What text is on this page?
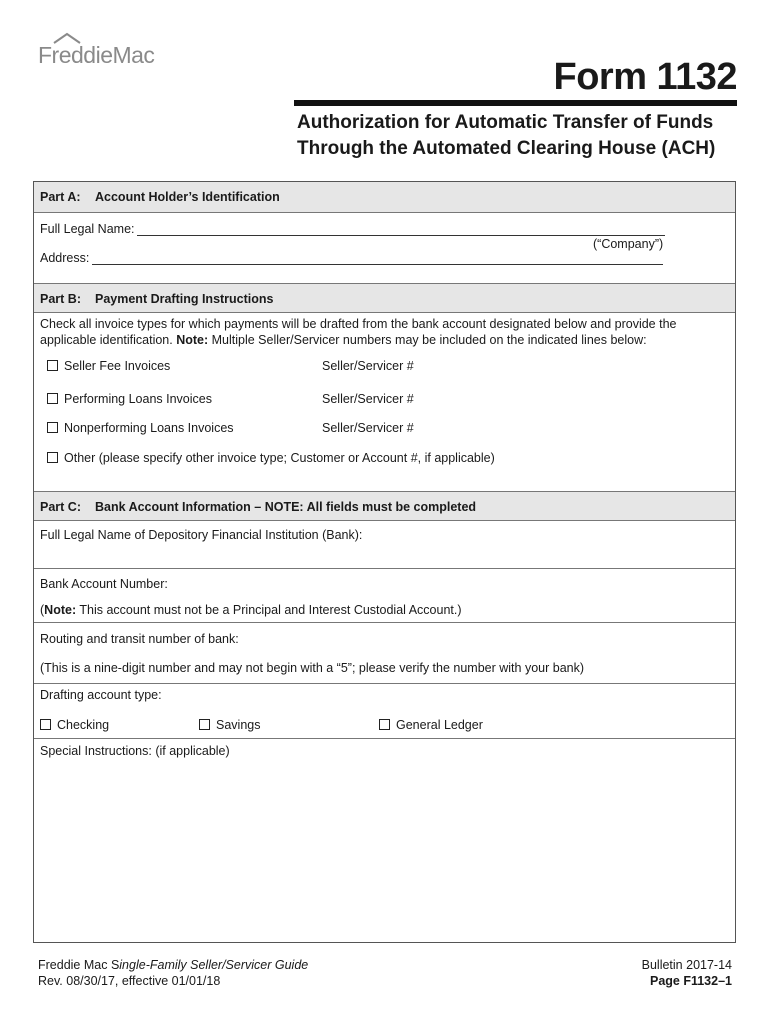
FreddieMac
Form 1132
Authorization for Automatic Transfer of Funds
Through the Automated Clearing House (ACH)
Part A: Account Holder’s Identification
Full Legal Name:
(“Company”)
Address:
Part B: Payment Drafting Instructions
Check all invoice types for which payments will be drafted from the bank account designated below and provide the
applicable identification. Note: Multiple Seller/Servicer numbers may be included on the indicated lines below:
Seller Fee Invoices	Seller/Servicer #
Performing Loans Invoices	Seller/Servicer #
Nonperforming Loans Invoices	Seller/Servicer #
Other (please specify other invoice type; Customer or Account #, if applicable)
Part C: Bank Account Information – NOTE: All fields must be completed
Full Legal Name of Depository Financial Institution (Bank):
Bank Account Number:
(Note: This account must not be a Principal and Interest Custodial Account.)
Routing and transit number of bank:
(This is a nine-digit number and may not begin with a “5”; please verify the number with your bank)
Drafting account type:
Checking	Savings	General Ledger
Special Instructions: (if applicable)
Freddie Mac Single-Family Seller/Servicer Guide
Rev. 08/30/17, effective 01/01/18
Bulletin 2017-14
Page F1132–1
